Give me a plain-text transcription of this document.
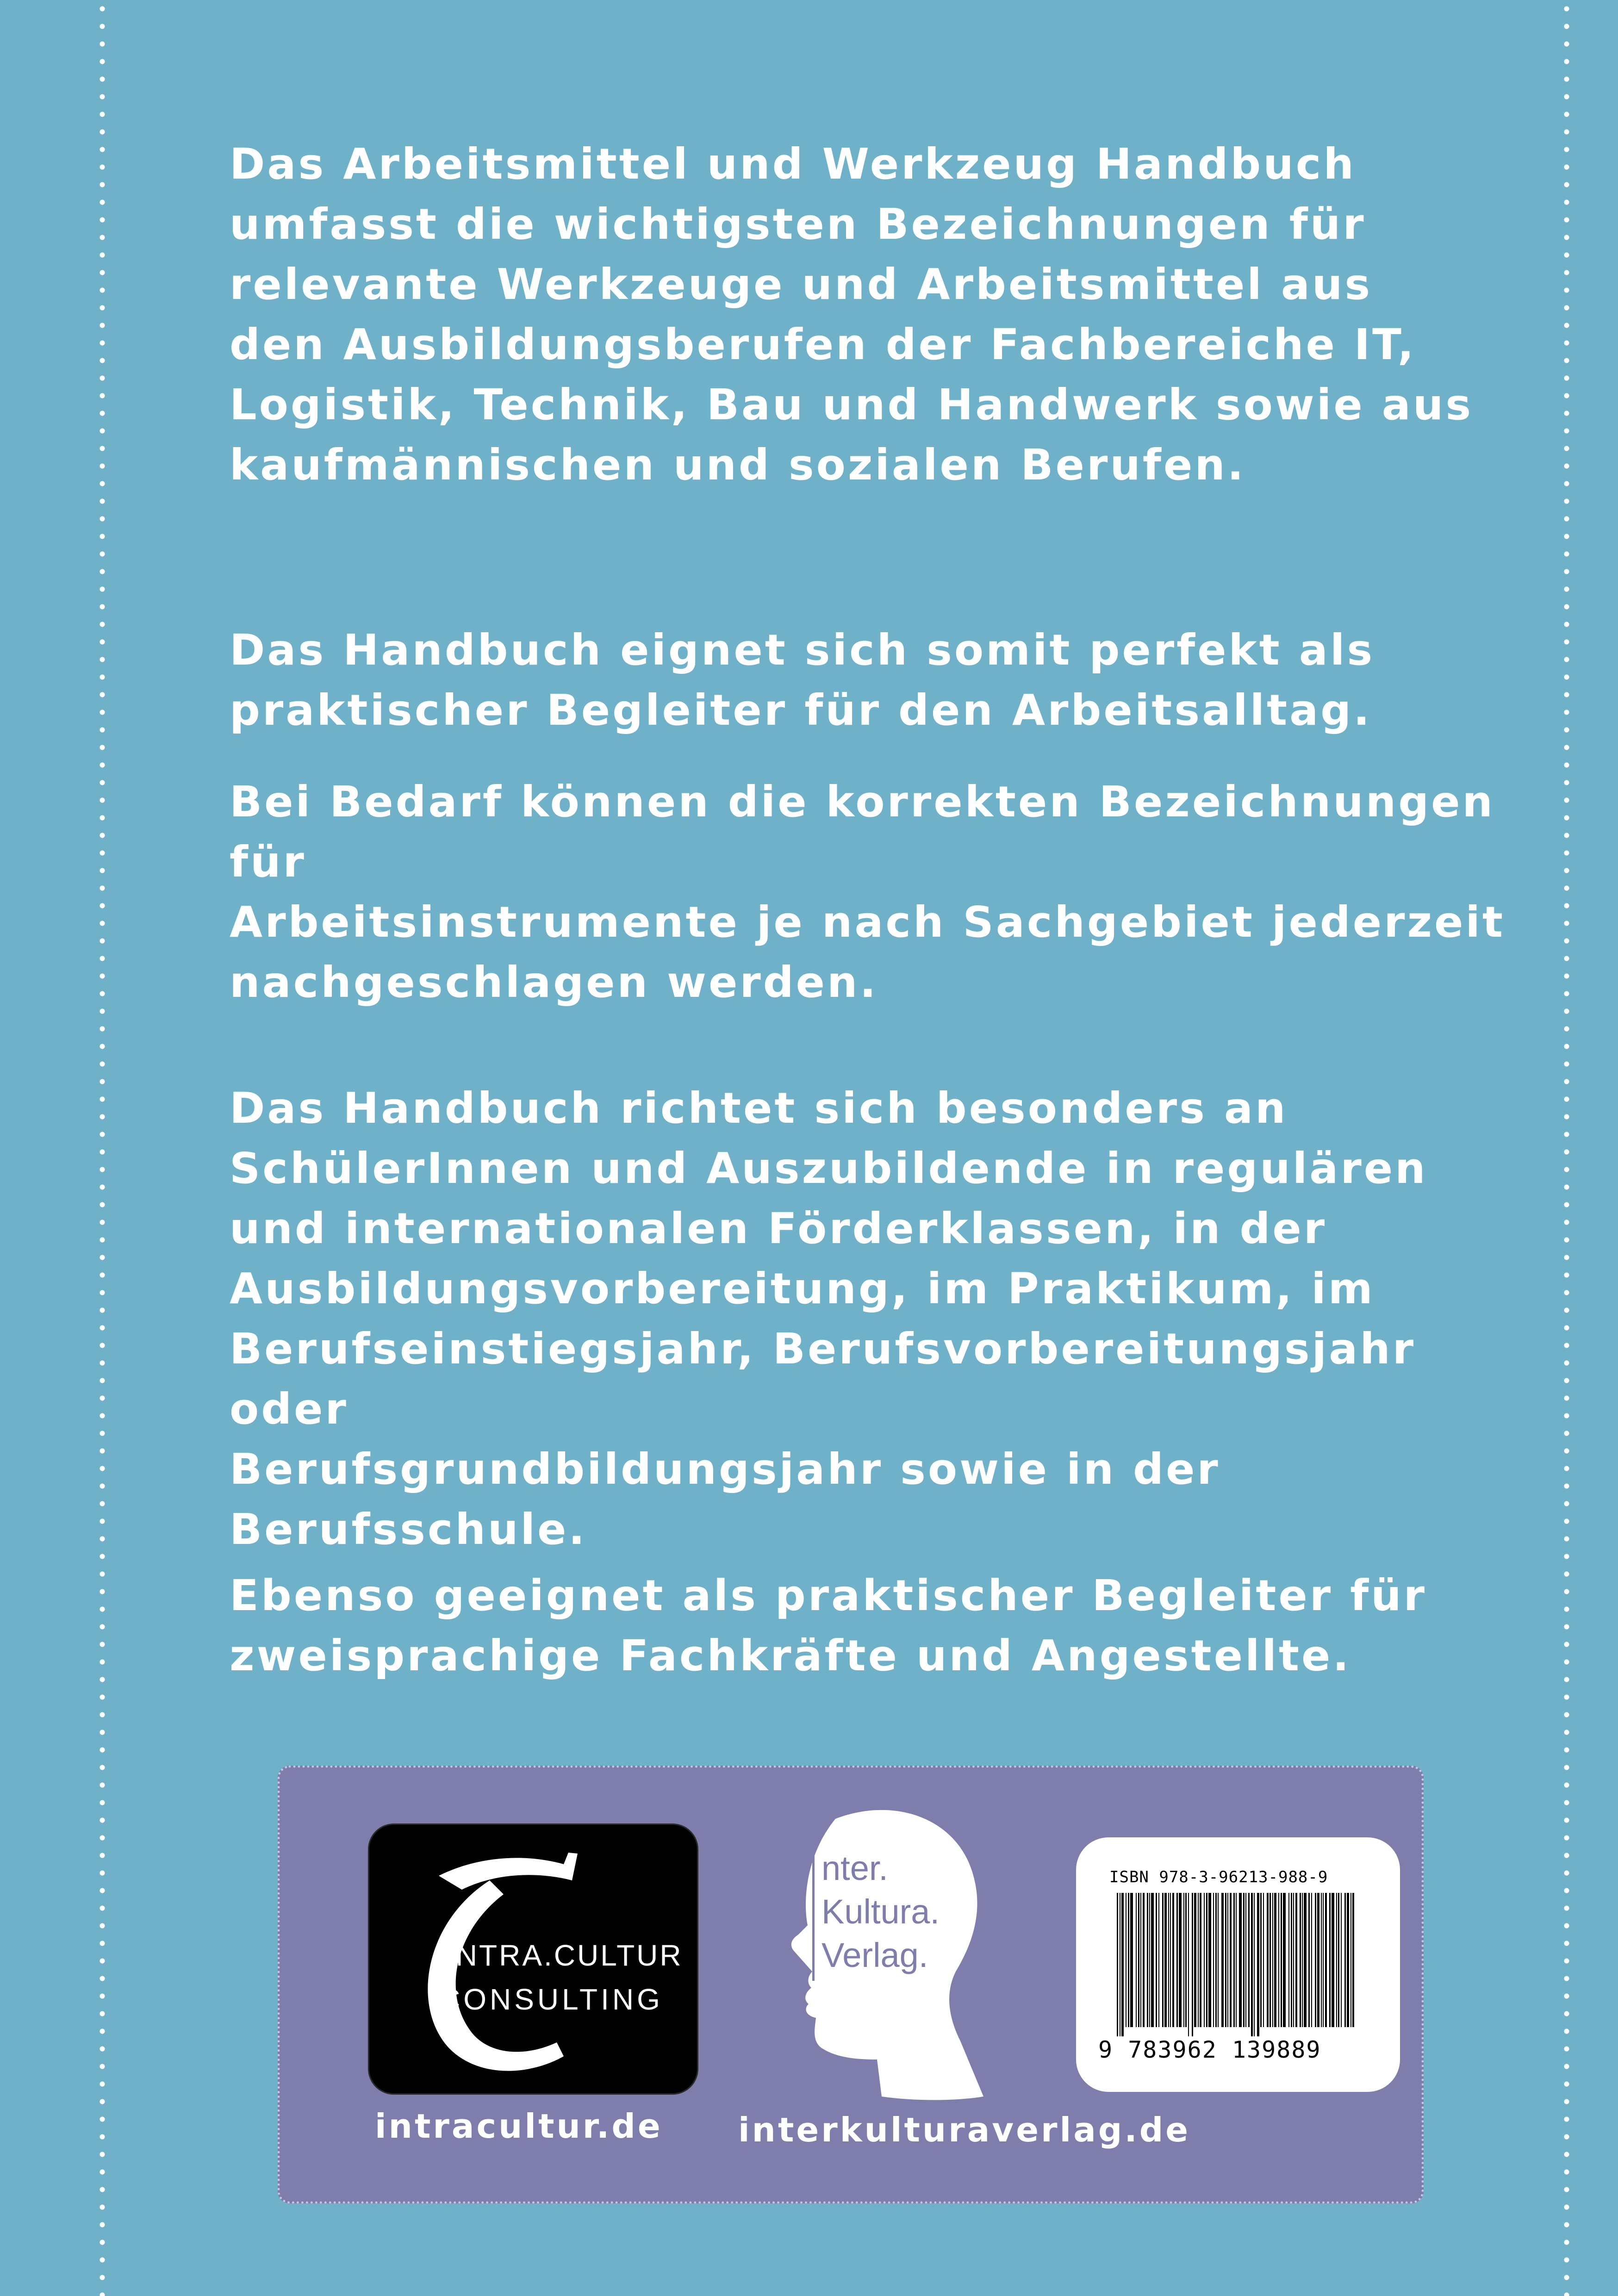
Das Arbeitsmittel und Werkzeug Handbuch
umfasst die wichtigsten Bezeichnungen für
relevante Werkzeuge und Arbeitsmittel aus
den Ausbildungsberufen der Fachbereiche IT,
Logistik, Technik, Bau und Handwerk sowie aus
kaufmännischen und sozialen Berufen.

Das Handbuch eignet sich somit perfekt als
praktischer Begleiter für den Arbeitsalltag.

Bei Bedarf können die korrekten Bezeichnungen für
Arbeitsinstrumente je nach Sachgebiet jederzeit
nachgeschlagen werden.

Das Handbuch richtet sich besonders an
SchülerInnen und Auszubildende in regulären
und internationalen Förderklassen, in der
Ausbildungsvorbereitung, im Praktikum, im
Berufseinstiegsjahr, Berufsvorbereitungsjahr oder
Berufsgrundbildungsjahr sowie in der Berufsschule.

Ebenso geeignet als praktischer Begleiter für
zweisprachige Fachkräfte und Angestellte.

INTRA.CULTUR
CONSULTING
nter.
Kultura.
Verlag.
ISBN 978-3-96213-988-9
9 783962 139889
intracultur.de interkulturaverlag.de
